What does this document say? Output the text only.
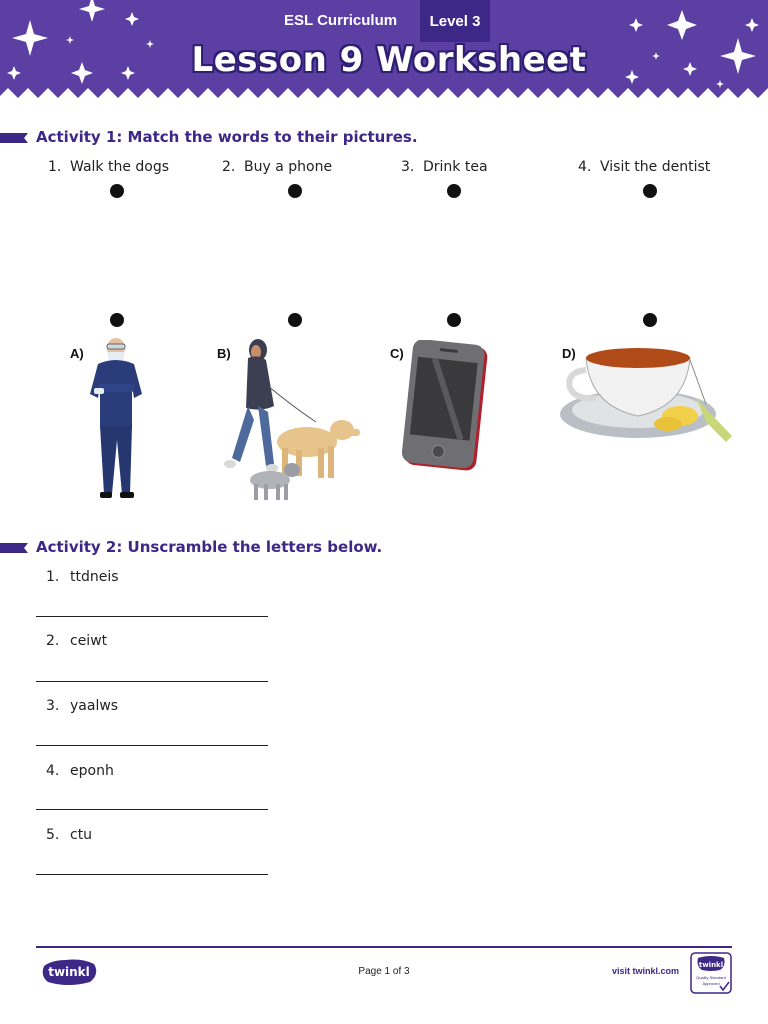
ESL Curriculum	Level 3
Lesson 9 Worksheet
Activity 1: Match the words to their pictures.
1. Walk the dogs	2. Buy a phone	3. Drink tea	4. Visit the dentist
A)	B)	C)	D)
Activity 2: Unscramble the letters below.
1. ttdneis
2. ceiwt
3. yaalws
4. eponh
5. ctu
twinkl	Page 1 of 3	visit twinkl.com
twinkl
Quality Standard
Approved
